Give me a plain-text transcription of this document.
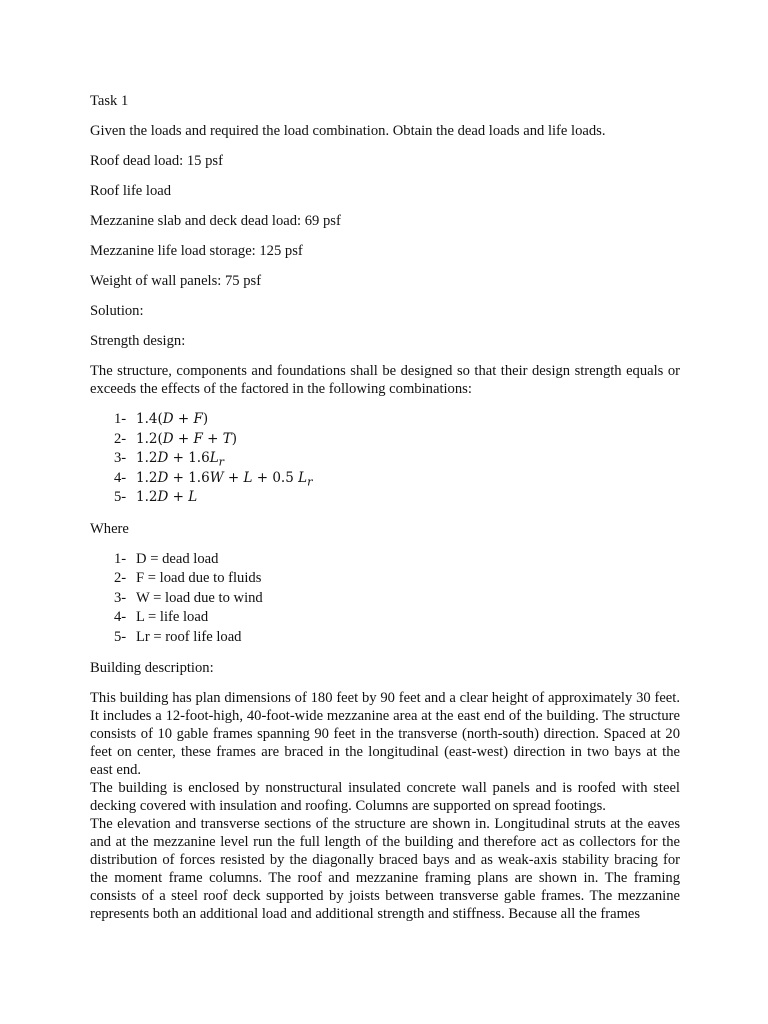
Task 1

Given the loads and required the load combination. Obtain the dead loads and life loads.

Roof dead load: 15 psf

Roof life load

Mezzanine slab and deck dead load: 69 psf

Mezzanine life load storage: 125 psf

Weight of wall panels: 75 psf

Solution:

Strength design:

The structure, components and foundations shall be designed so that their design strength equals or exceeds the effects of the factored in the following combinations:

1- 1.4(D + F)
2- 1.2(D + F + T)
3- $1.2D + 1.6L_r$
4- 1.2D + 1.6W + L + 0.5 $L_r$
5- 1.2D + L

Where

1- D = dead load
2- F = load due to fluids
3- W = load due to wind
4- L = life load
5- Lr = roof life load

Building description:

This building has plan dimensions of 180 feet by 90 feet and a clear height of approximately 30 feet. It includes a 12-foot-high, 40-foot-wide mezzanine area at the east end of the building. The structure consists of 10 gable frames spanning 90 feet in the transverse (north-south) direction. Spaced at 20 feet on center, these frames are braced in the longitudinal (east-west) direction in two bays at the east end.

The building is enclosed by nonstructural insulated concrete wall panels and is roofed with steel decking covered with insulation and roofing. Columns are supported on spread footings.

The elevation and transverse sections of the structure are shown in. Longitudinal struts at the eaves and at the mezzanine level run the full length of the building and therefore act as collectors for the distribution of forces resisted by the diagonally braced bays and as weak-axis stability bracing for the moment frame columns. The roof and mezzanine framing plans are shown in. The framing consists of a steel roof deck supported by joists between transverse gable frames. The mezzanine represents both an additional load and additional strength and stiffness. Because all the frames
